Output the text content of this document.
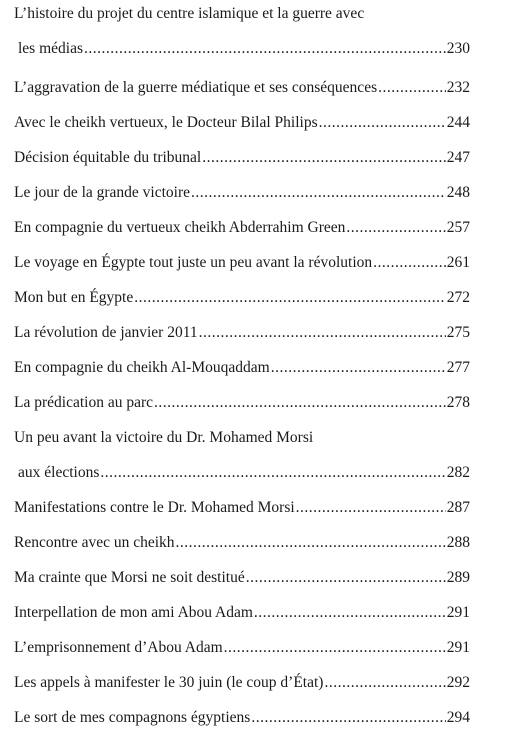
L’histoire du projet du centre islamique et la guerre avec
les médias .....	230
L’aggravation de la guerre médiatique et ses conséquences .....	232
Avec le cheikh vertueux, le Docteur Bilal Philips .....	244
Décision équitable du tribunal .....	247
Le jour de la grande victoire .....	248
En compagnie du vertueux cheikh Abderrahim Green .....	257
Le voyage en Égypte tout juste un peu avant la révolution .....	261
Mon but en Égypte .....	272
La révolution de janvier 2011 .....	275
En compagnie du cheikh Al-Mouqaddam .....	277
La prédication au parc .....	278
Un peu avant la victoire du Dr. Mohamed Morsi
aux élections .....	282
Manifestations contre le Dr. Mohamed Morsi .....	287
Rencontre avec un cheikh .....	288
Ma crainte que Morsi ne soit destitué .....	289
Interpellation de mon ami Abou Adam .....	291
L’emprisonnement d’Abou Adam .....	291
Les appels à manifester le 30 juin (le coup d’État) .....	292
Le sort de mes compagnons égyptiens .....	294
